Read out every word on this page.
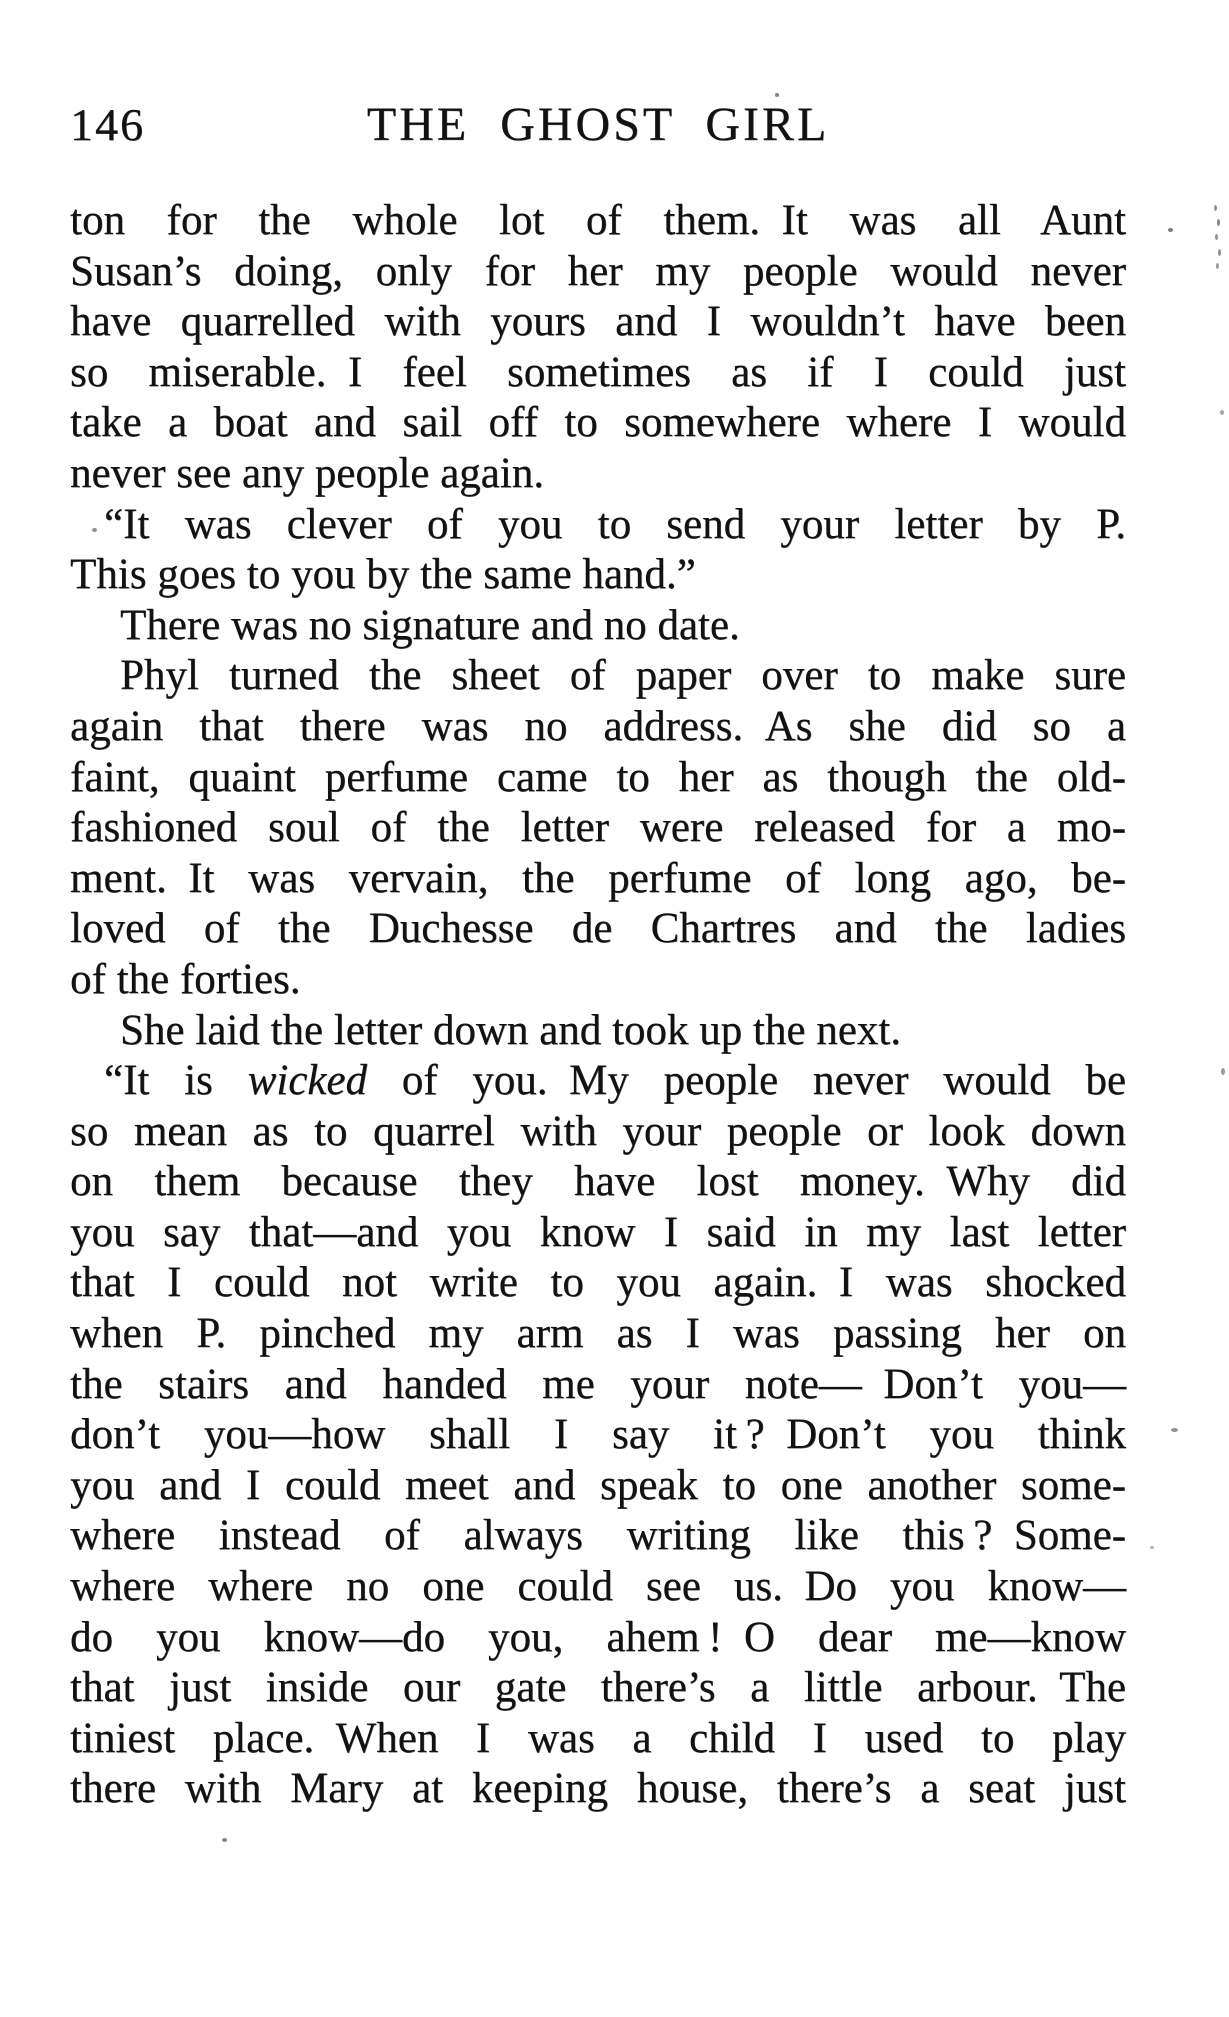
146	THE GHOST GIRL
ton for the whole lot of them. It was all Aunt
Susan’s doing, only for her my people would never
have quarrelled with yours and I wouldn’t have been
so miserable. I feel sometimes as if I could just
take a boat and sail off to somewhere where I would
never see any people again.
“It was clever of you to send your letter by P.
This goes to you by the same hand.”
There was no signature and no date.
Phyl turned the sheet of paper over to make sure
again that there was no address. As she did so a
faint, quaint perfume came to her as though the old-
fashioned soul of the letter were released for a mo-
ment. It was vervain, the perfume of long ago, be-
loved of the Duchesse de Chartres and the ladies
of the forties.
She laid the letter down and took up the next.
“It is wicked of you. My people never would be
so mean as to quarrel with your people or look down
on them because they have lost money. Why did
you say that—and you know I said in my last letter
that I could not write to you again. I was shocked
when P. pinched my arm as I was passing her on
the stairs and handed me your note— Don’t you—
don’t you—how shall I say it ? Don’t you think
you and I could meet and speak to one another some-
where instead of always writing like this ? Some-
where where no one could see us. Do you know—
do you know—do you, ahem ! O dear me—know
that just inside our gate there’s a little arbour. The
tiniest place. When I was a child I used to play
there with Mary at keeping house, there’s a seat just
